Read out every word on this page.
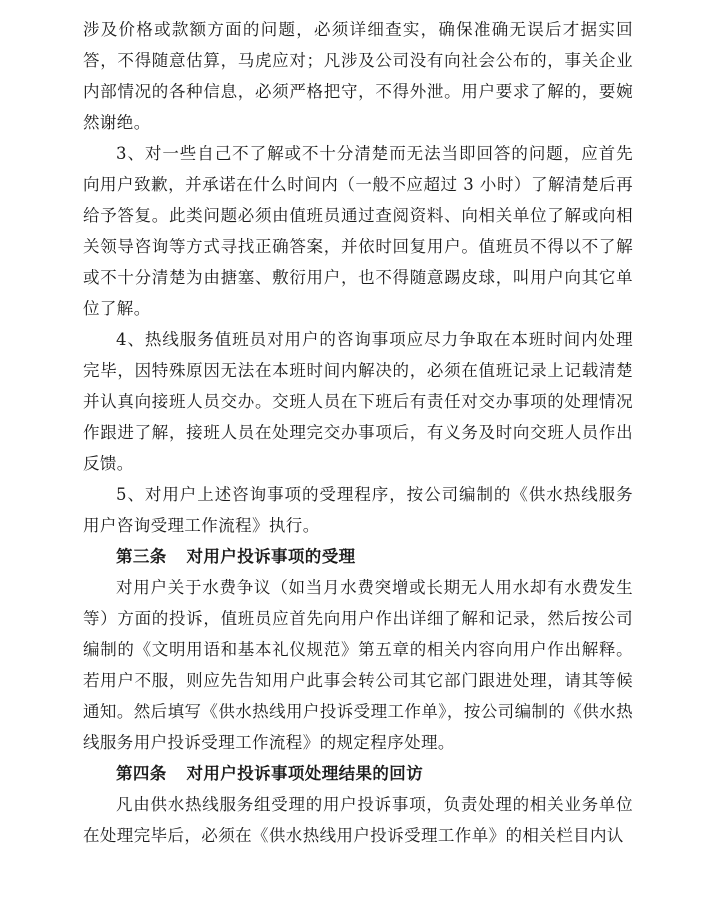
涉及价格或款额方面的问题，必须详细查实，确保准确无误后才据实回答，不得随意估算，马虎应对；凡涉及公司没有向社会公布的，事关企业内部情况的各种信息，必须严格把守，不得外泄。用户要求了解的，要婉然谢绝。

3、对一些自己不了解或不十分清楚而无法当即回答的问题，应首先向用户致歉，并承诺在什么时间内（一般不应超过 3 小时）了解清楚后再给予答复。此类问题必须由值班员通过查阅资料、向相关单位了解或向相关领导咨询等方式寻找正确答案，并依时回复用户。值班员不得以不了解或不十分清楚为由搪塞、敷衍用户，也不得随意踢皮球，叫用户向其它单位了解。

4、热线服务值班员对用户的咨询事项应尽力争取在本班时间内处理完毕，因特殊原因无法在本班时间内解决的，必须在值班记录上记载清楚并认真向接班人员交办。交班人员在下班后有责任对交办事项的处理情况作跟进了解，接班人员在处理完交办事项后，有义务及时向交班人员作出反馈。

5、对用户上述咨询事项的受理程序，按公司编制的《供水热线服务用户咨询受理工作流程》执行。

第三条 对用户投诉事项的受理

对用户关于水费争议（如当月水费突增或长期无人用水却有水费发生等）方面的投诉，值班员应首先向用户作出详细了解和记录，然后按公司编制的《文明用语和基本礼仪规范》第五章的相关内容向用户作出解释。若用户不服，则应先告知用户此事会转公司其它部门跟进处理，请其等候通知。然后填写《供水热线用户投诉受理工作单》，按公司编制的《供水热线服务用户投诉受理工作流程》的规定程序处理。

第四条 对用户投诉事项处理结果的回访

凡由供水热线服务组受理的用户投诉事项，负责处理的相关业务单位在处理完毕后，必须在《供水热线用户投诉受理工作单》的相关栏目内认
